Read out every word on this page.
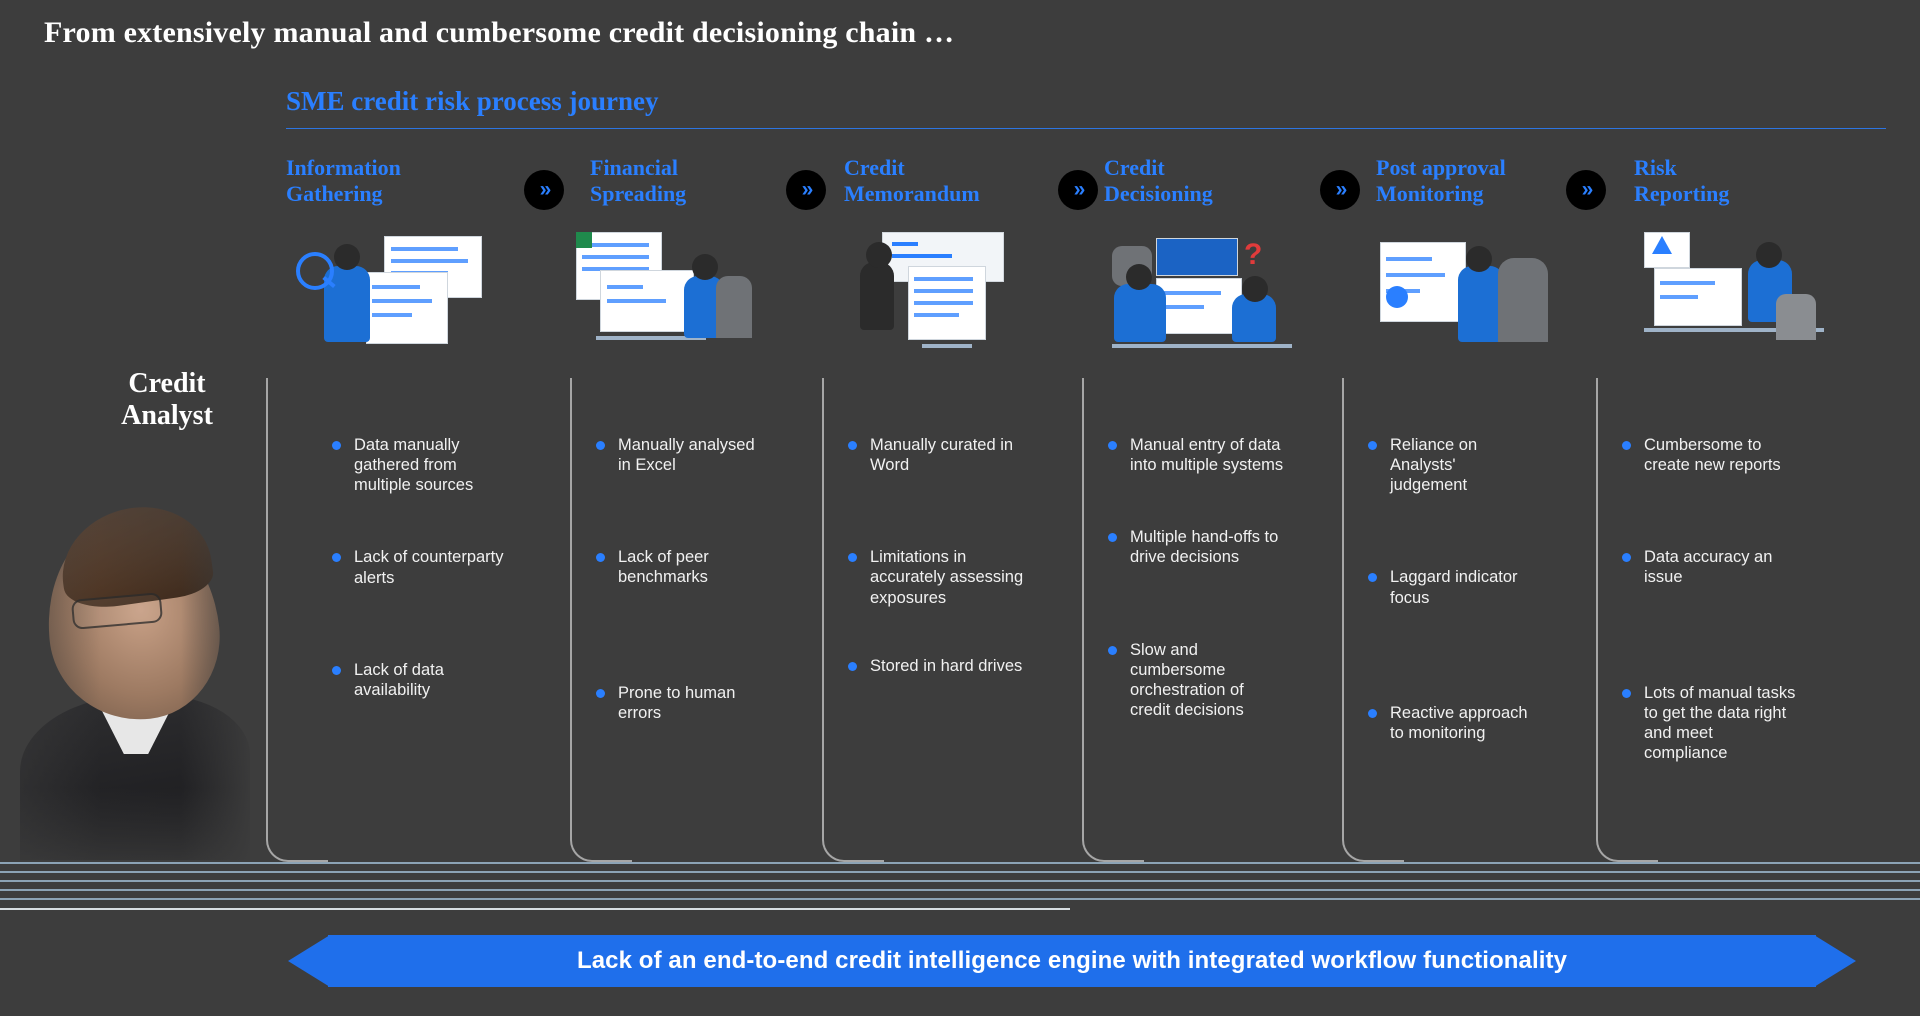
From extensively manual and cumbersome credit decisioning chain …
SME credit risk process journey
Credit
Analyst
Information
Gathering
Data manually gathered from multiple sources
Lack of counterparty alerts
Lack of data availability
»
Financial
Spreading
Manually analysed in Excel
Lack of peer benchmarks
Prone to human errors
»
Credit
Memorandum
Manually curated in Word
Limitations in accurately assessing exposures
Stored in hard drives
»
Credit
Decisioning
?
Manual entry of data into multiple systems
Multiple hand-offs to drive decisions
Slow and cumbersome orchestration of credit decisions
»
Post approval
Monitoring
Reliance on Analysts' judgement
Laggard indicator focus
Reactive approach to monitoring
»
Risk
Reporting
Cumbersome to create new reports
Data accuracy an issue
Lots of manual tasks to get the data right and meet compliance
Lack of an end-to-end credit intelligence engine with integrated workflow functionality
